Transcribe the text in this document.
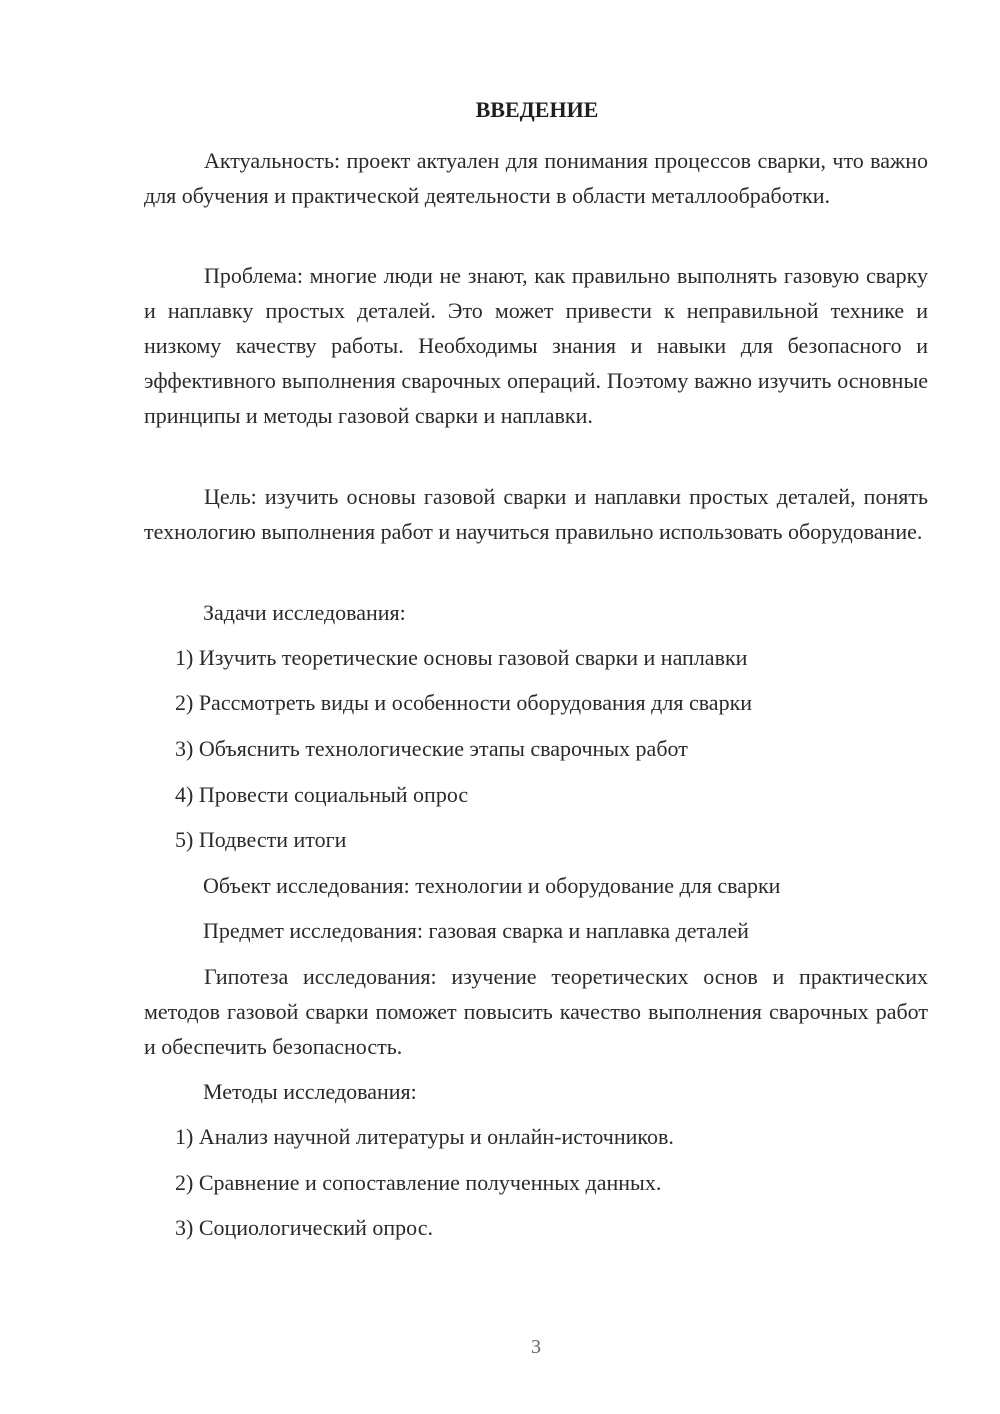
ВВЕДЕНИЕ

Актуальность: проект актуален для понимания процессов сварки, что важно для обучения и практической деятельности в области металлообработки.

Проблема: многие люди не знают, как правильно выполнять газовую сварку и наплавку простых деталей. Это может привести к неправильной технике и низкому качеству работы. Необходимы знания и навыки для безопасного и эффективного выполнения сварочных операций. Поэтому важно изучить основные принципы и методы газовой сварки и наплавки.

Цель: изучить основы газовой сварки и наплавки простых деталей, понять технологию выполнения работ и научиться правильно использовать оборудование.

Задачи исследования:

1) Изучить теоретические основы газовой сварки и наплавки

2) Рассмотреть виды и особенности оборудования для сварки

3) Объяснить технологические этапы сварочных работ

4) Провести социальный опрос

5) Подвести итоги

Объект исследования: технологии и оборудование для сварки

Предмет исследования: газовая сварка и наплавка деталей

Гипотеза исследования: изучение теоретических основ и практических методов газовой сварки поможет повысить качество выполнения сварочных работ и обеспечить безопасность.

Методы исследования:

1) Анализ научной литературы и онлайн-источников.

2) Сравнение и сопоставление полученных данных.

3) Социологический опрос.

3
